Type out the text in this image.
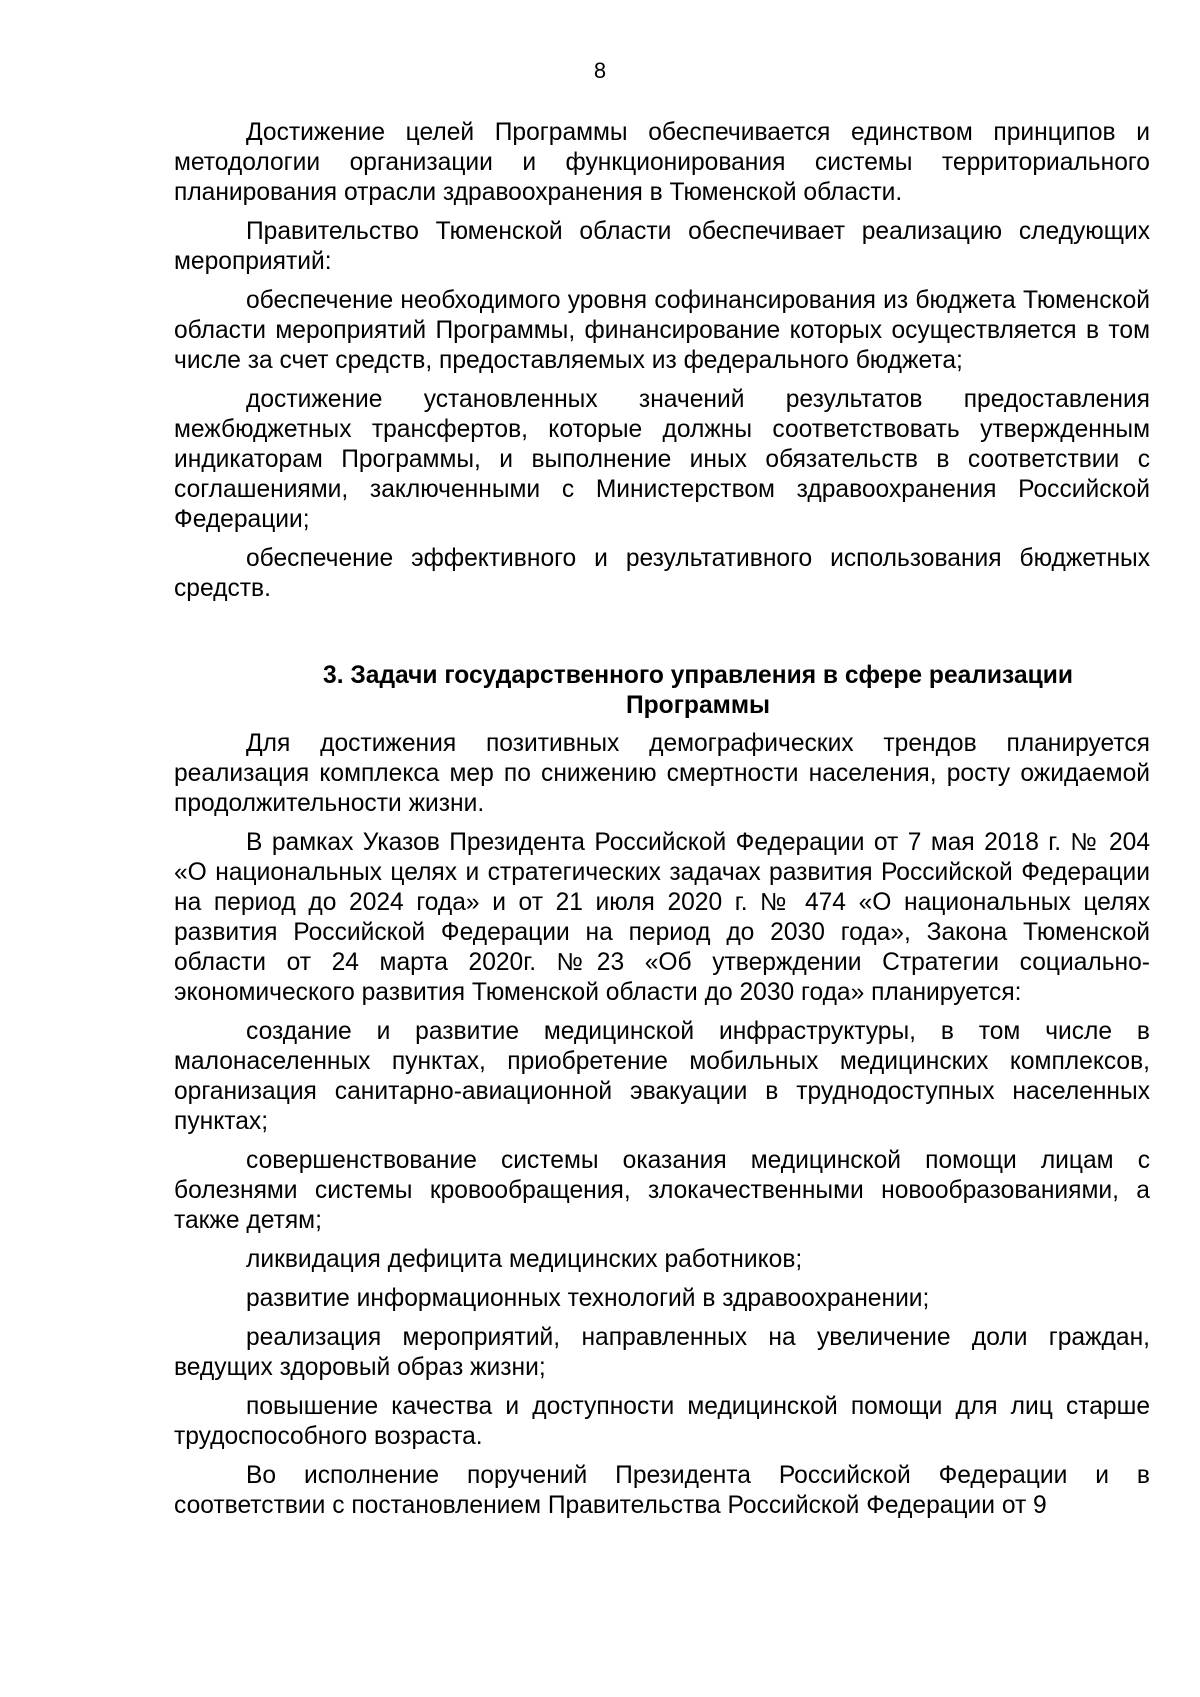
8

Достижение целей Программы обеспечивается единством принципов и методологии организации и функционирования системы территориального планирования отрасли здравоохранения в Тюменской области.

Правительство Тюменской области обеспечивает реализацию следующих мероприятий:

обеспечение необходимого уровня софинансирования из бюджета Тюменской области мероприятий Программы, финансирование которых осуществляется в том числе за счет средств, предоставляемых из федерального бюджета;

достижение установленных значений результатов предоставления межбюджетных трансфертов, которые должны соответствовать утвержденным индикаторам Программы, и выполнение иных обязательств в соответствии с соглашениями, заключенными с Министерством здравоохранения Российской Федерации;

обеспечение эффективного и результативного использования бюджетных средств.

3. Задачи государственного управления в сфере реализации
Программы

Для достижения позитивных демографических трендов планируется реализация комплекса мер по снижению смертности населения, росту ожидаемой продолжительности жизни.

В рамках Указов Президента Российской Федерации от 7 мая 2018 г. № 204 «О национальных целях и стратегических задачах развития Российской Федерации на период до 2024 года» и от 21 июля 2020 г. № 474 «О национальных целях развития Российской Федерации на период до 2030 года», Закона Тюменской области от 24 марта 2020г. №23 «Об утверждении Стратегии социально-экономического развития Тюменской области до 2030 года» планируется:

создание и развитие медицинской инфраструктуры, в том числе в малонаселенных пунктах, приобретение мобильных медицинских комплексов, организация санитарно-авиационной эвакуации в труднодоступных населенных пунктах;

совершенствование системы оказания медицинской помощи лицам с болезнями системы кровообращения, злокачественными новообразованиями, а также детям;

ликвидация дефицита медицинских работников;

развитие информационных технологий в здравоохранении;

реализация мероприятий, направленных на увеличение доли граждан, ведущих здоровый образ жизни;

повышение качества и доступности медицинской помощи для лиц старше трудоспособного возраста.

Во исполнение поручений Президента Российской Федерации и в соответствии с постановлением Правительства Российской Федерации от 9
